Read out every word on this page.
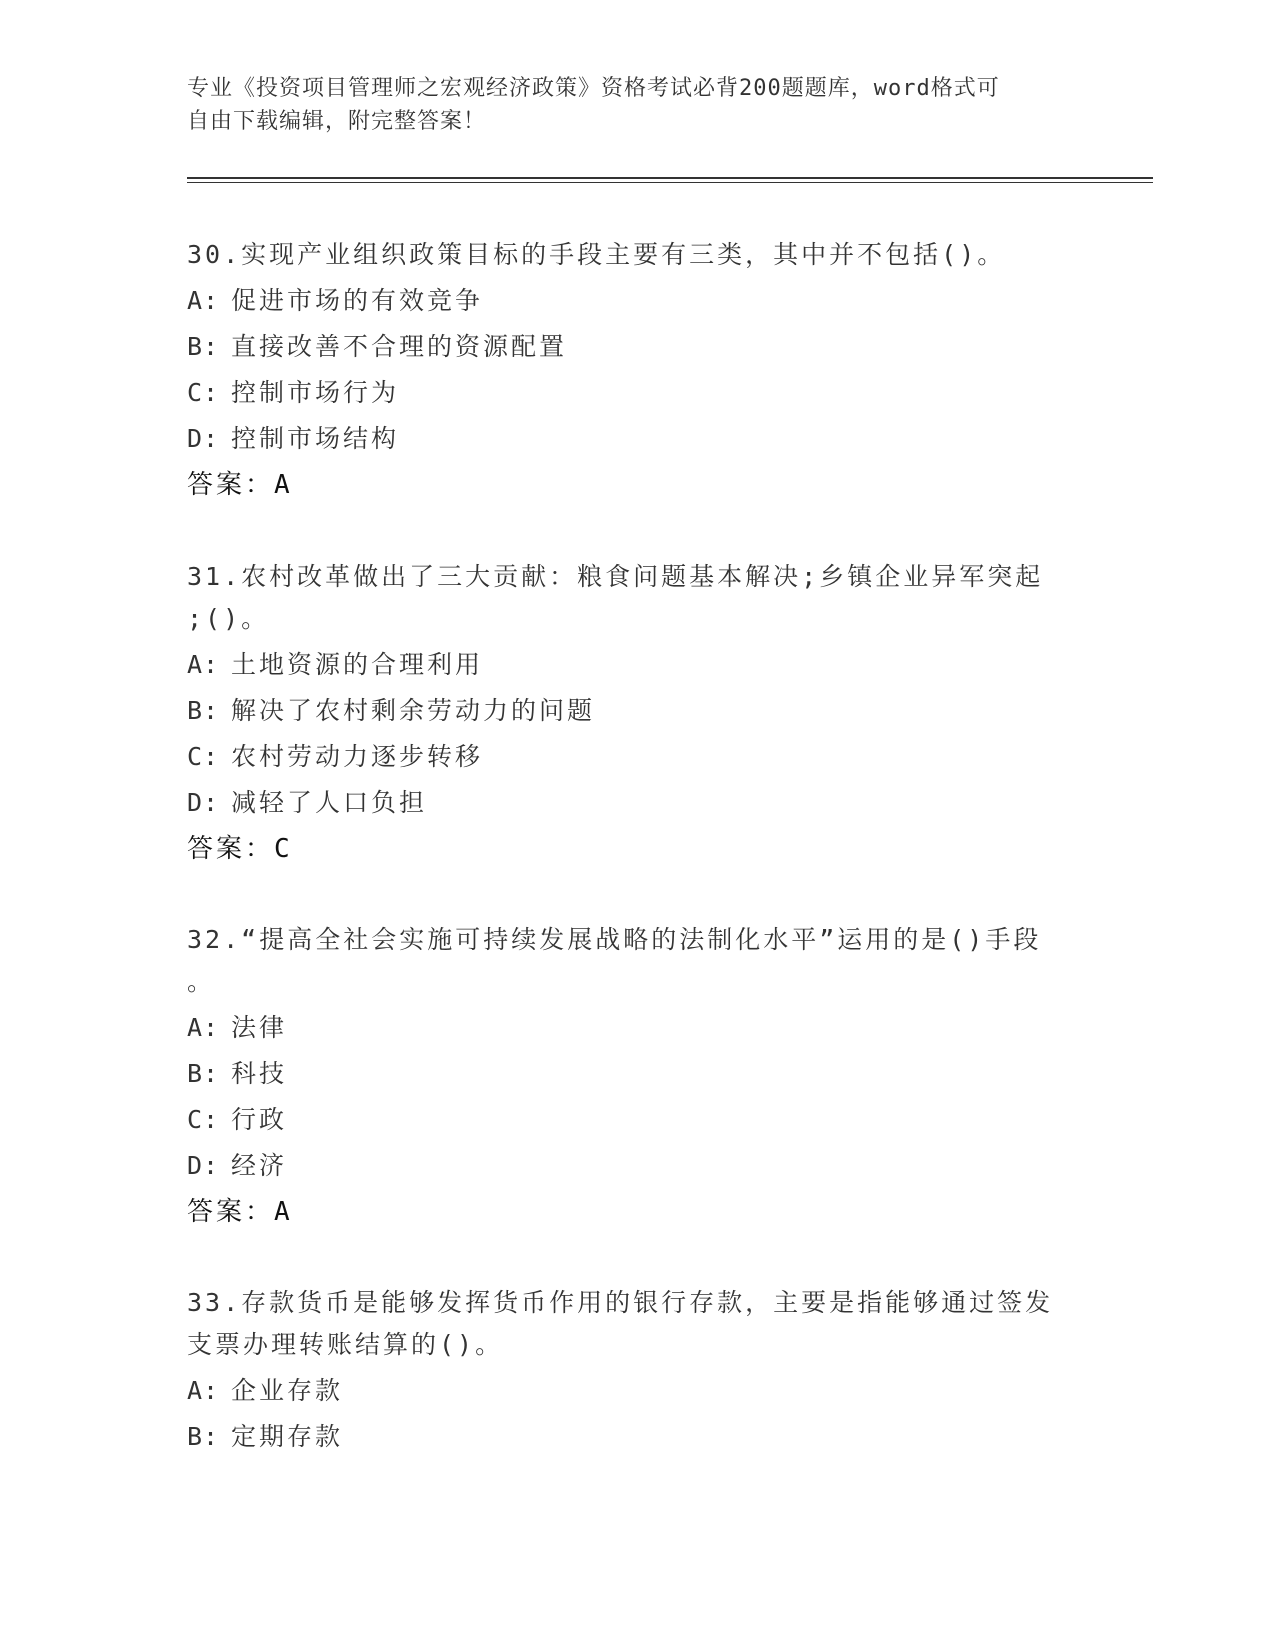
专业《投资项目管理师之宏观经济政策》资格考试必背200题题库，word格式可
自由下载编辑，附完整答案！
30.实现产业组织政策目标的手段主要有三类，其中并不包括()。
A: 促进市场的有效竞争
B: 直接改善不合理的资源配置
C: 控制市场行为
D: 控制市场结构
答案：A
31.农村改革做出了三大贡献：粮食问题基本解决;乡镇企业异军突起
;()。
A: 土地资源的合理利用
B: 解决了农村剩余劳动力的问题
C: 农村劳动力逐步转移
D: 减轻了人口负担
答案：C
32.“提高全社会实施可持续发展战略的法制化水平”运用的是()手段
。
A: 法律
B: 科技
C: 行政
D: 经济
答案：A
33.存款货币是能够发挥货币作用的银行存款，主要是指能够通过签发
支票办理转账结算的()。
A: 企业存款
B: 定期存款
